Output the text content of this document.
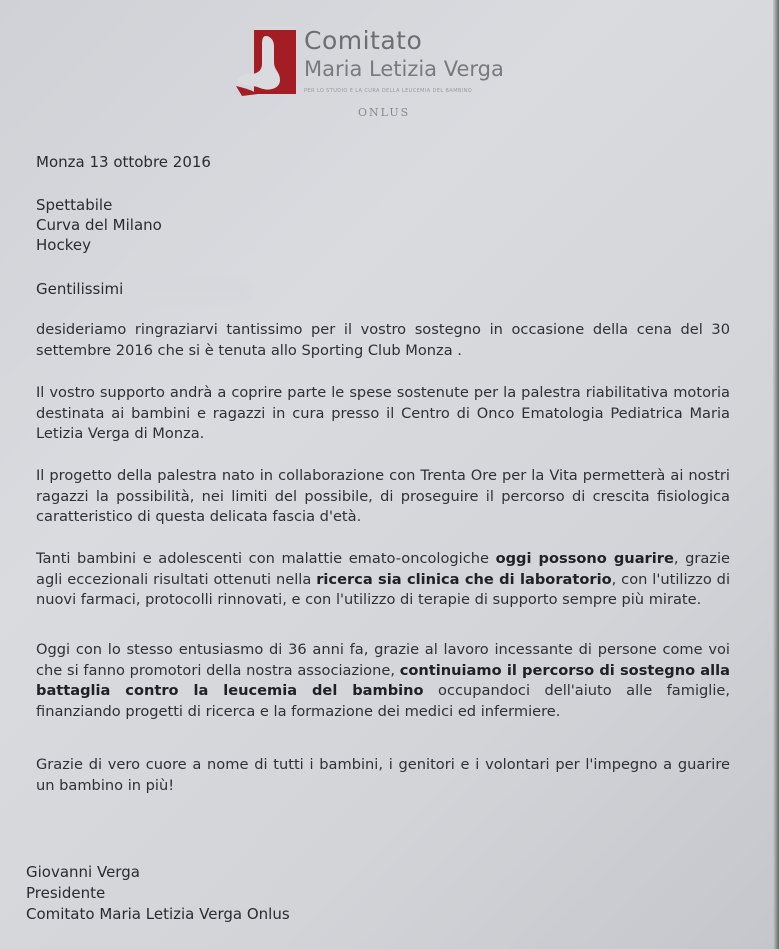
Comitato
Maria Letizia Verga
PER LO STUDIO E LA CURA DELLA LEUCEMIA DEL BAMBINO
ONLUS
Monza 13 ottobre 2016
Spettabile
Curva del Milano
Hockey
Gentilissimi
desideriamo ringraziarvi tantissimo per il vostro sostegno in occasione della cena del 30 settembre 2016 che si è tenuta allo Sporting Club Monza .
Il vostro supporto andrà a coprire parte le spese sostenute per la palestra riabilitativa motoria destinata ai bambini e ragazzi in cura presso il Centro di Onco Ematologia Pediatrica Maria Letizia Verga di Monza.
Il progetto della palestra nato in collaborazione con Trenta Ore per la Vita permetterà ai nostri ragazzi la possibilità, nei limiti del possibile, di proseguire il percorso di crescita fisiologica caratteristico di questa delicata fascia d'età.
Tanti bambini e adolescenti con malattie emato-oncologiche oggi possono guarire, grazie agli eccezionali risultati ottenuti nella ricerca sia clinica che di laboratorio, con l'utilizzo di nuovi farmaci, protocolli rinnovati, e con l'utilizzo di terapie di supporto sempre più mirate.
Oggi con lo stesso entusiasmo di 36 anni fa, grazie al lavoro incessante di persone come voi che si fanno promotori della nostra associazione, continuiamo il percorso di sostegno alla battaglia contro la leucemia del bambino occupandoci dell'aiuto alle famiglie, finanziando progetti di ricerca e la formazione dei medici ed infermiere.
Grazie di vero cuore a nome di tutti i bambini, i genitori e i volontari per l'impegno a guarire un bambino in più!
Giovanni Verga
Presidente
Comitato Maria Letizia Verga Onlus
